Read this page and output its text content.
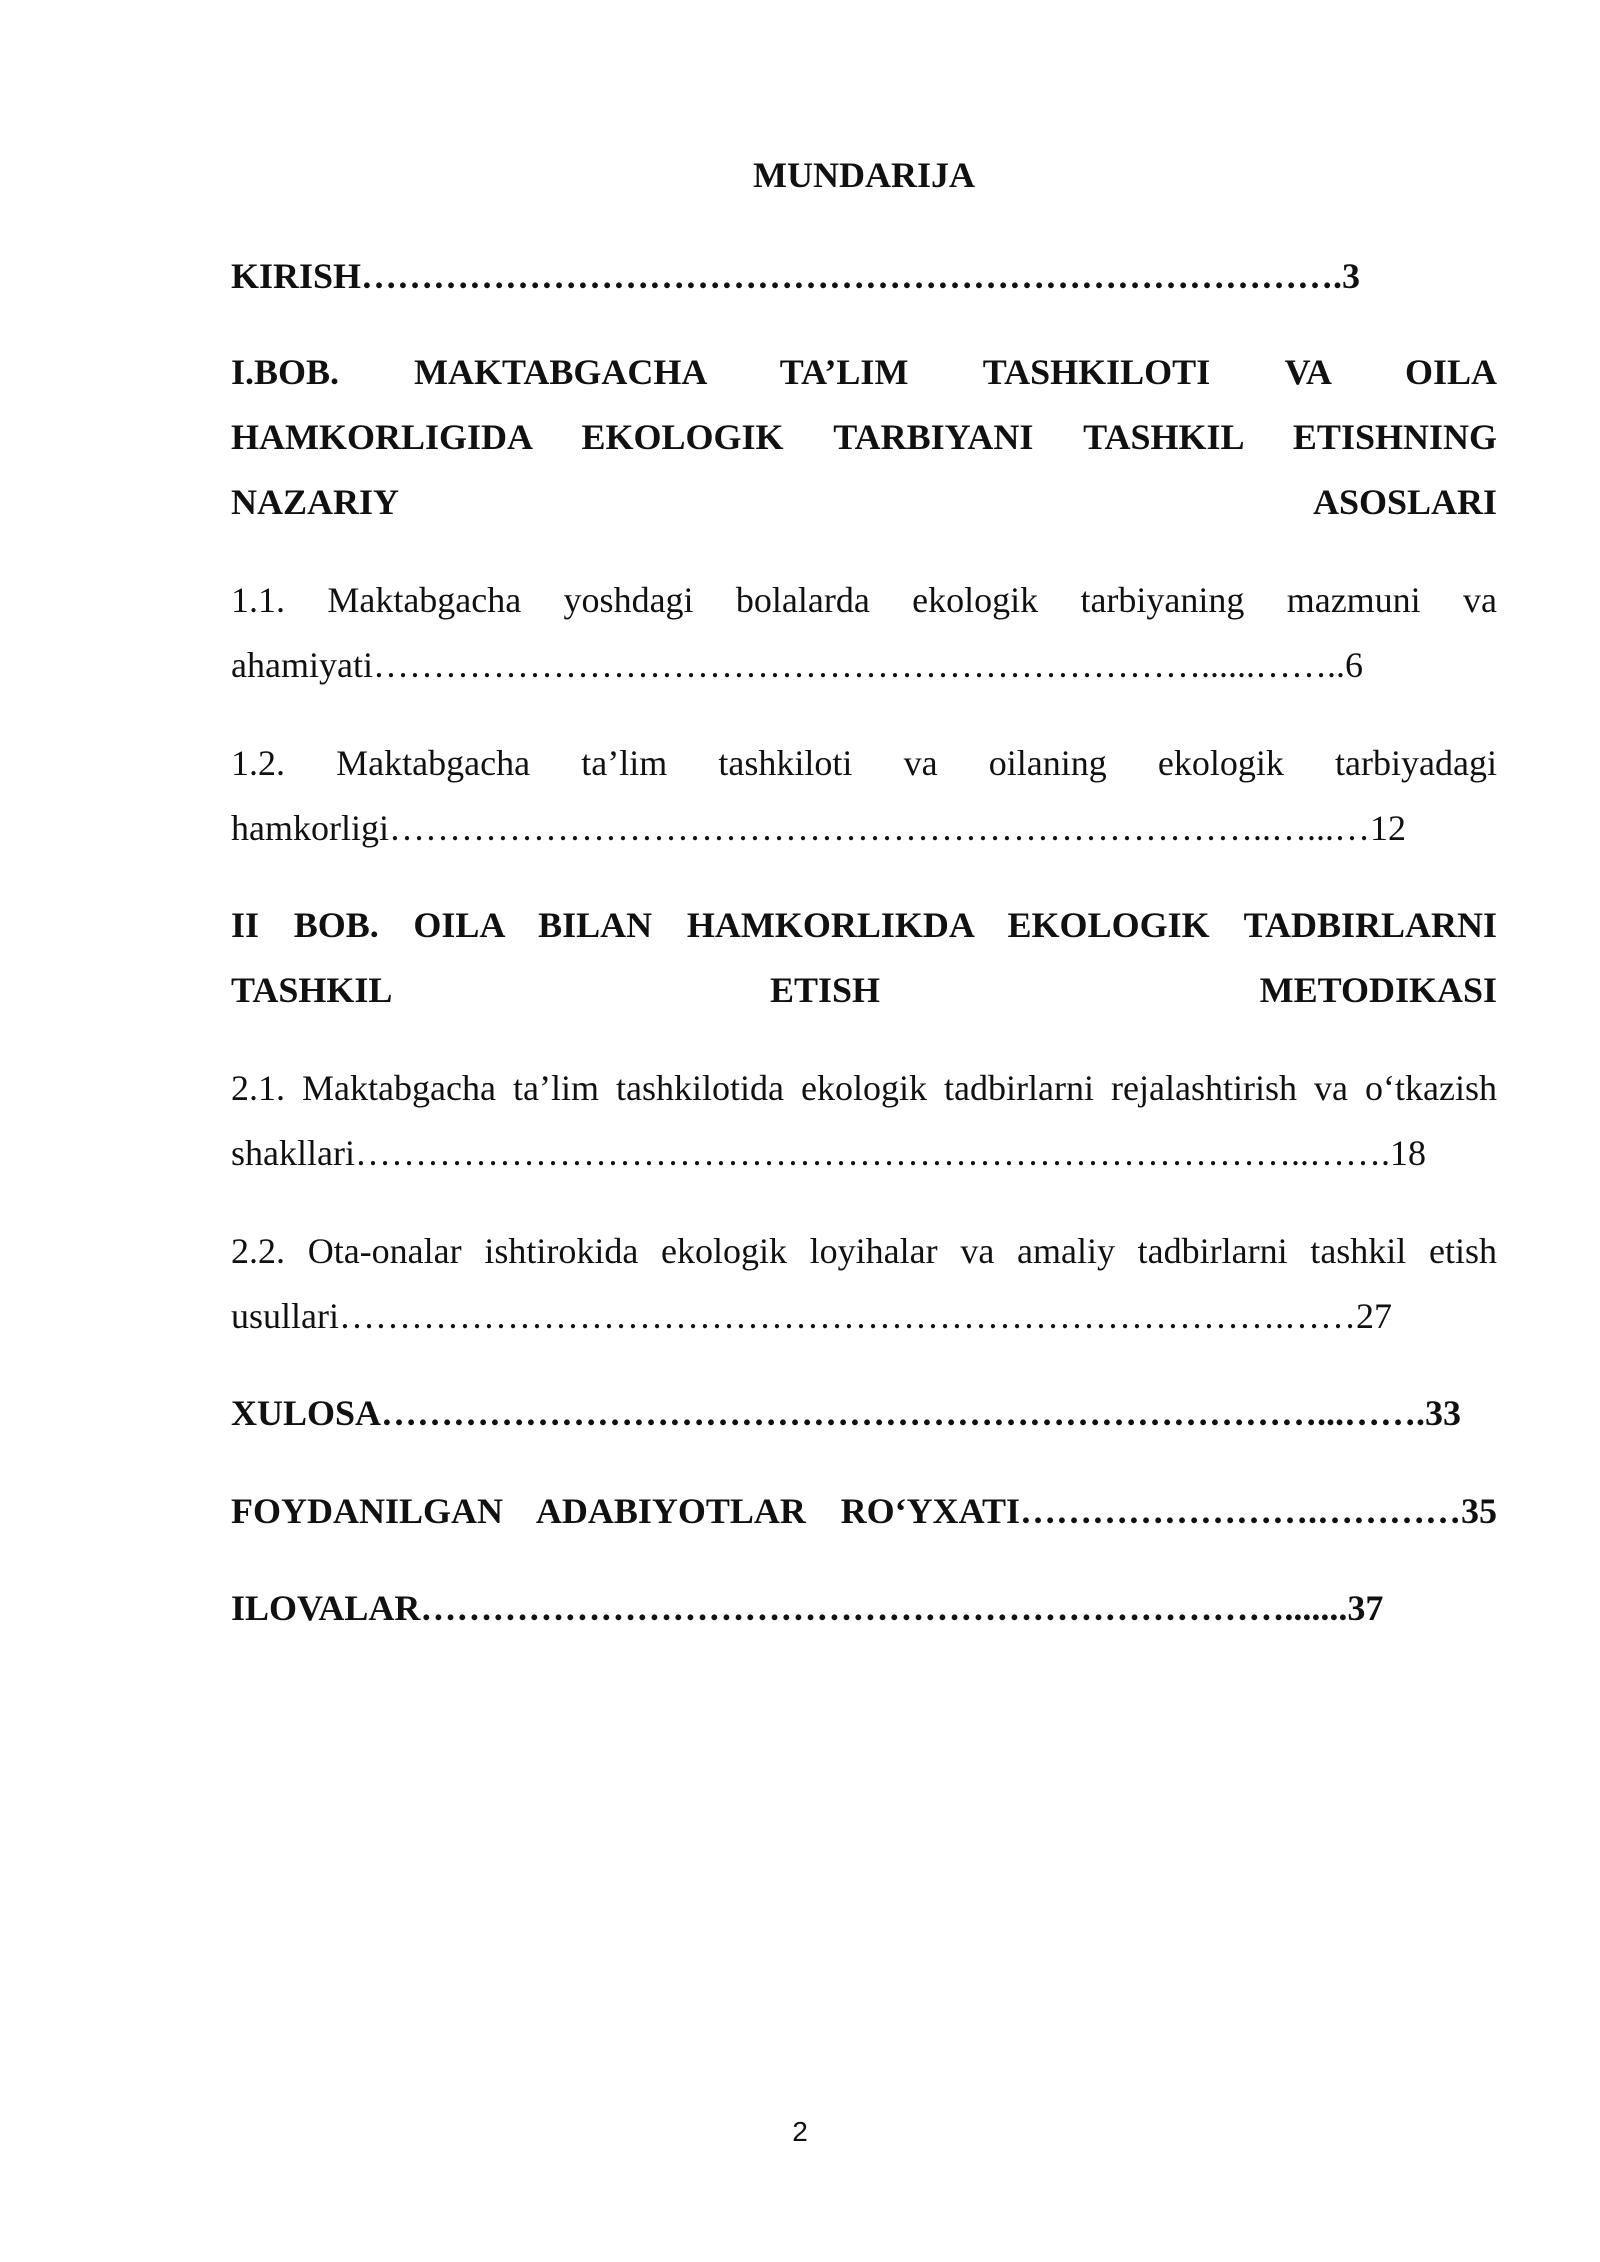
MUNDARIJA
KIRISH……………………………………………………………………….3
I.BOB. MAKTABGACHA TA’LIM TASHKILOTI VA OILA
HAMKORLIGIDA EKOLOGIK TARBIYANI TASHKIL ETISHNING
NAZARIY ASOSLARI
1.1. Maktabgacha yoshdagi bolalarda ekologik tarbiyaning mazmuni va
ahamiyati……………………………………………………………......……..6
1.2. Maktabgacha ta’lim tashkiloti va oilaning ekologik tarbiyadagi
hamkorligi………………………………………………………………..…...…12
II BOB. OILA BILAN HAMKORLIKDA EKOLOGIK TADBIRLARNI
TASHKIL ETISH METODIKASI
2.1. Maktabgacha ta’lim tashkilotida ekologik tadbirlarni rejalashtirish va o‘tkazish
shakllari……………………………………………………………………..…….18
2.2. Ota-onalar ishtirokida ekologik loyihalar va amaliy tadbirlarni tashkil etish
usullari…………………………………………………………………….……27
XULOSA……………………………………………………………………...…….33
FOYDANILGAN ADABIYOTLAR RO‘YXATI…………………….…………35
ILOVALAR……………………………………………………………….......37
2
